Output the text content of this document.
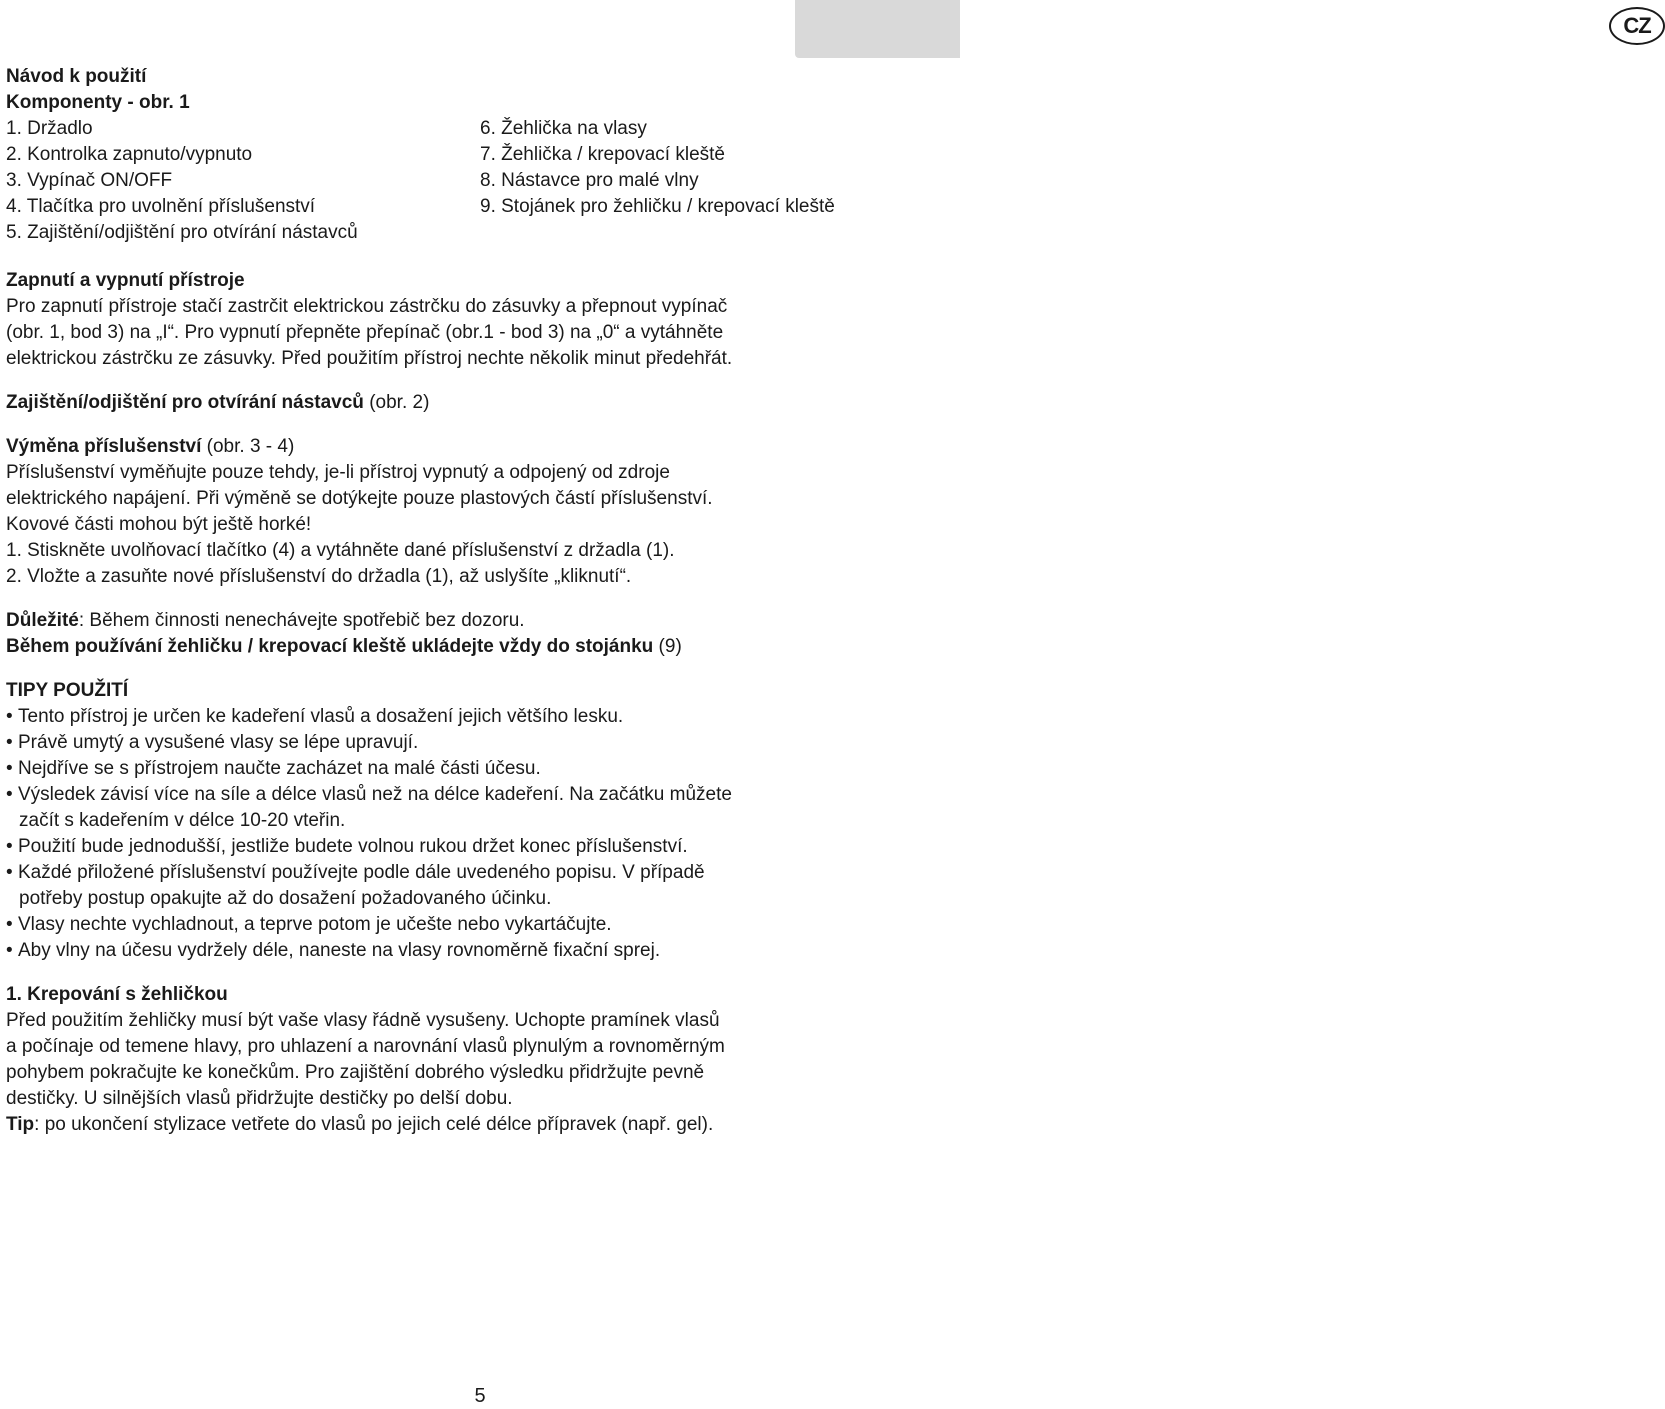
CZ

Návod k použití

Komponenty - obr. 1

1. Držadlo

2. Kontrolka zapnuto/vypnuto

3. Vypínač ON/OFF

4. Tlačítka pro uvolnění příslušenství

5. Zajištění/odjištění pro otvírání nástavců

6. Žehlička na vlasy

7. Žehlička / krepovací kleště

8. Nástavce pro malé vlny

9. Stojánek pro žehličku / krepovací kleště

Zapnutí a vypnutí přístroje

Pro zapnutí přístroje stačí zastrčit elektrickou zástrčku do zásuvky a přepnout vypínač

(obr. 1, bod 3) na „I“. Pro vypnutí přepněte přepínač (obr.1 - bod 3) na „0“ a vytáhněte

elektrickou zástrčku ze zásuvky. Před použitím přístroj nechte několik minut předehřát.

Zajištění/odjištění pro otvírání nástavců (obr. 2)

Výměna příslušenství (obr. 3 - 4)

Příslušenství vyměňujte pouze tehdy, je-li přístroj vypnutý a odpojený od zdroje

elektrického napájení. Při výměně se dotýkejte pouze plastových částí příslušenství.

Kovové části mohou být ještě horké!

1. Stiskněte uvolňovací tlačítko (4) a vytáhněte dané příslušenství z držadla (1).

2. Vložte a zasuňte nové příslušenství do držadla (1), až uslyšíte „kliknutí“.

Důležité: Během činnosti nenechávejte spotřebič bez dozoru.

Během používání žehličku / krepovací kleště ukládejte vždy do stojánku (9)

TIPY POUŽITÍ

• Tento přístroj je určen ke kadeření vlasů a dosažení jejich většího lesku.

• Právě umytý a vysušené vlasy se lépe upravují.

• Nejdříve se s přístrojem naučte zacházet na malé části účesu.

• Výsledek závisí více na síle a délce vlasů než na délce kadeření. Na začátku můžete

začít s kadeřením v délce 10-20 vteřin.

• Použití bude jednodušší, jestliže budete volnou rukou držet konec příslušenství.

• Každé přiložené příslušenství používejte podle dále uvedeného popisu. V případě

potřeby postup opakujte až do dosažení požadovaného účinku.

• Vlasy nechte vychladnout, a teprve potom je učešte nebo vykartáčujte.

• Aby vlny na účesu vydržely déle, naneste na vlasy rovnoměrně fixační sprej.

1. Krepování s žehličkou

Před použitím žehličky musí být vaše vlasy řádně vysušeny. Uchopte pramínek vlasů

a počínaje od temene hlavy, pro uhlazení a narovnání vlasů plynulým a rovnoměrným

pohybem pokračujte ke konečkům. Pro zajištění dobrého výsledku přidržujte pevně

destičky. U silnějších vlasů přidržujte destičky po delší dobu.

Tip: po ukončení stylizace vetřete do vlasů po jejich celé délce přípravek (např. gel).

5
